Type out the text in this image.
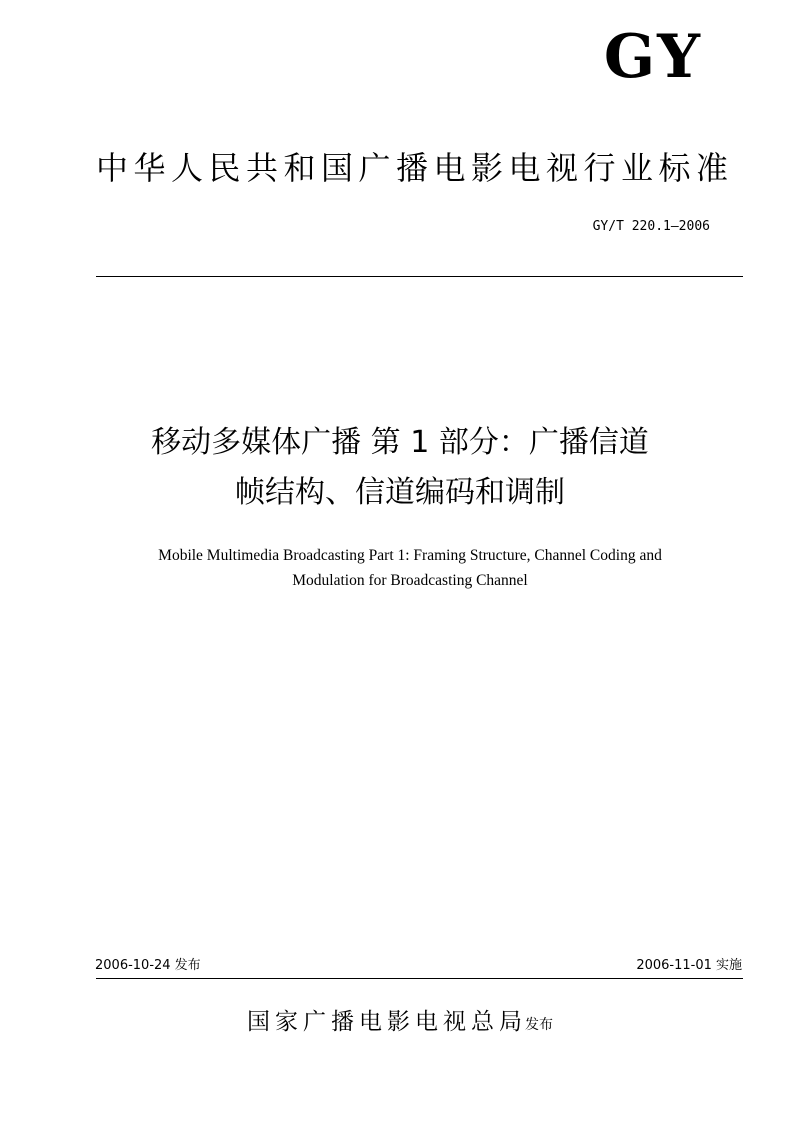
GY
中华人民共和国广播电影电视行业标准
GY/T 220.1—2006
移动多媒体广播 第 1 部分：广播信道
帧结构、信道编码和调制
Mobile Multimedia Broadcasting Part 1: Framing Structure, Channel Coding and
Modulation for Broadcasting Channel
2006-10-24 发布	2006-11-01 实施
国家广播电影电视总局发布
